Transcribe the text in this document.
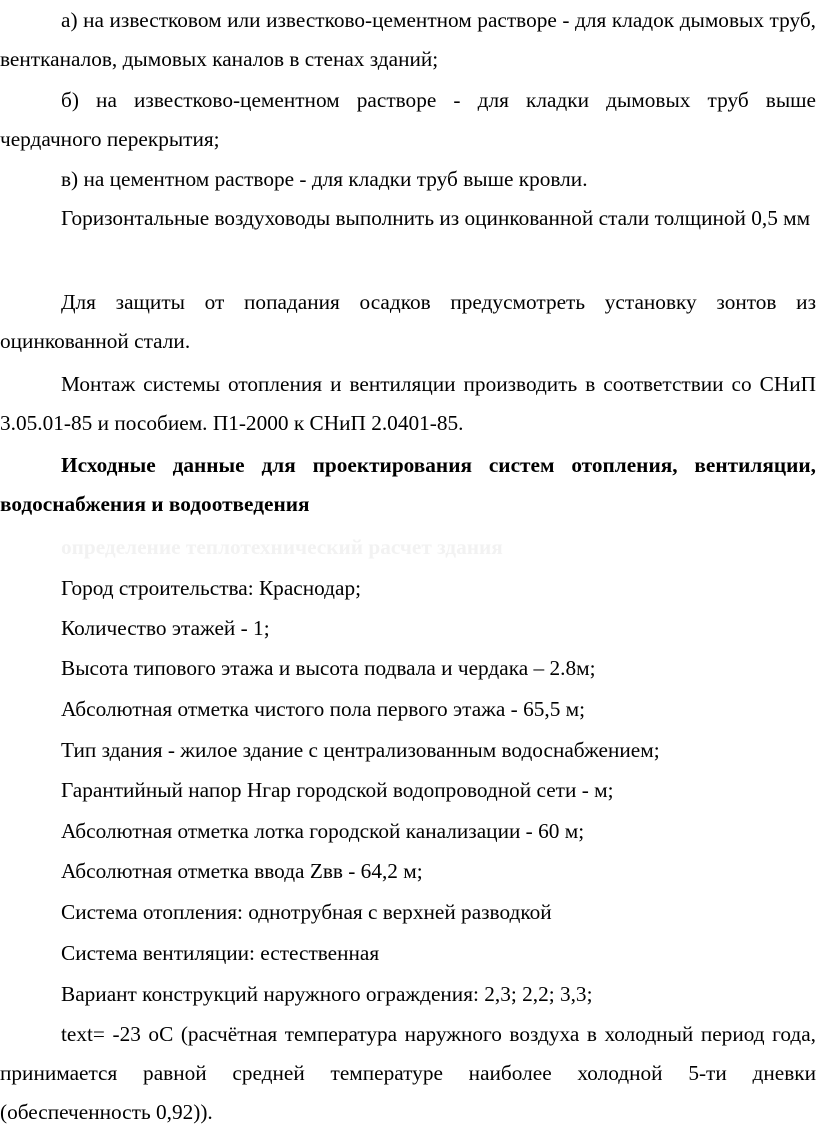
а) на известковом или известково-цементном растворе - для кладок дымовых труб, вентканалов, дымовых каналов в стенах зданий;

б) на известково-цементном растворе - для кладки дымовых труб выше чердачного перекрытия;

в) на цементном растворе - для кладки труб выше кровли.

Горизонтальные воздуховоды выполнить из оцинкованной стали толщиной 0,5 мм

Для защиты от попадания осадков предусмотреть установку зонтов из оцинкованной стали.

Монтаж системы отопления и вентиляции производить в соответствии со СНиП 3.05.01-85 и пособием. П1-2000 к СНиП 2.0401-85.

Исходные данные для проектирования систем отопления, вентиляции, водоснабжения и водоотведения

определение теплотехнический расчет здания

Город строительства: Краснодар;

Количество этажей - 1;

Высота типового этажа и высота подвала и чердака – 2.8м;

Абсолютная отметка чистого пола первого этажа - 65,5 м;

Тип здания - жилое здание с централизованным водоснабжением;

Гарантийный напор Нгар городской водопроводной сети - м;

Абсолютная отметка лотка городской канализации - 60 м;

Абсолютная отметка ввода Zвв - 64,2 м;

Система отопления: однотрубная с верхней разводкой

Система вентиляции: естественная

Вариант конструкций наружного ограждения: 2,3; 2,2; 3,3;

text= -23 оС (расчётная температура наружного воздуха в холодный период года, принимается равной средней температуре наиболее холодной 5-ти дневки (обеспеченность 0,92)).
